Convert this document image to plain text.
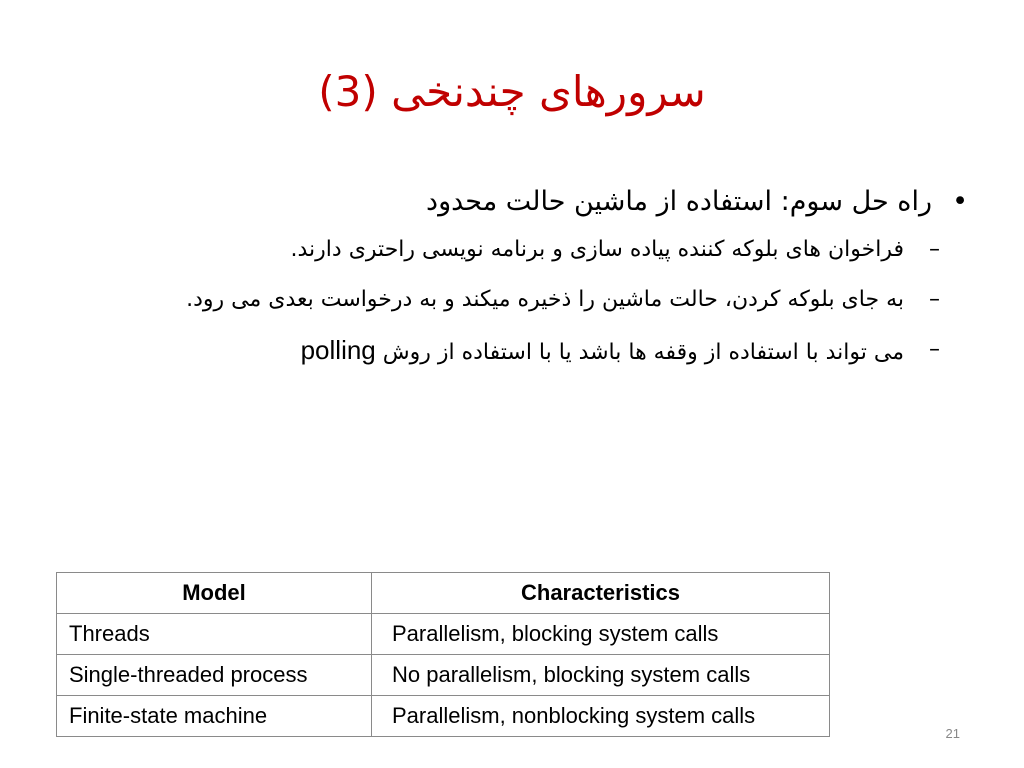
سرورهای چندنخی (3)
•
راه حل سوم: استفاده از ماشین حالت محدود
–
فراخوان های بلوکه کننده پیاده سازی و برنامه نویسی راحتری دارند.
–
به جای بلوکه کردن، حالت ماشین را ذخیره میکند و به درخواست بعدی می رود.
–
می تواند با استفاده از وقفه ها باشد یا با استفاده از روش polling
Model	Characteristics
Threads	Parallelism, blocking system calls
Single-threaded process	No parallelism, blocking system calls
Finite-state machine	Parallelism, nonblocking system calls
21
